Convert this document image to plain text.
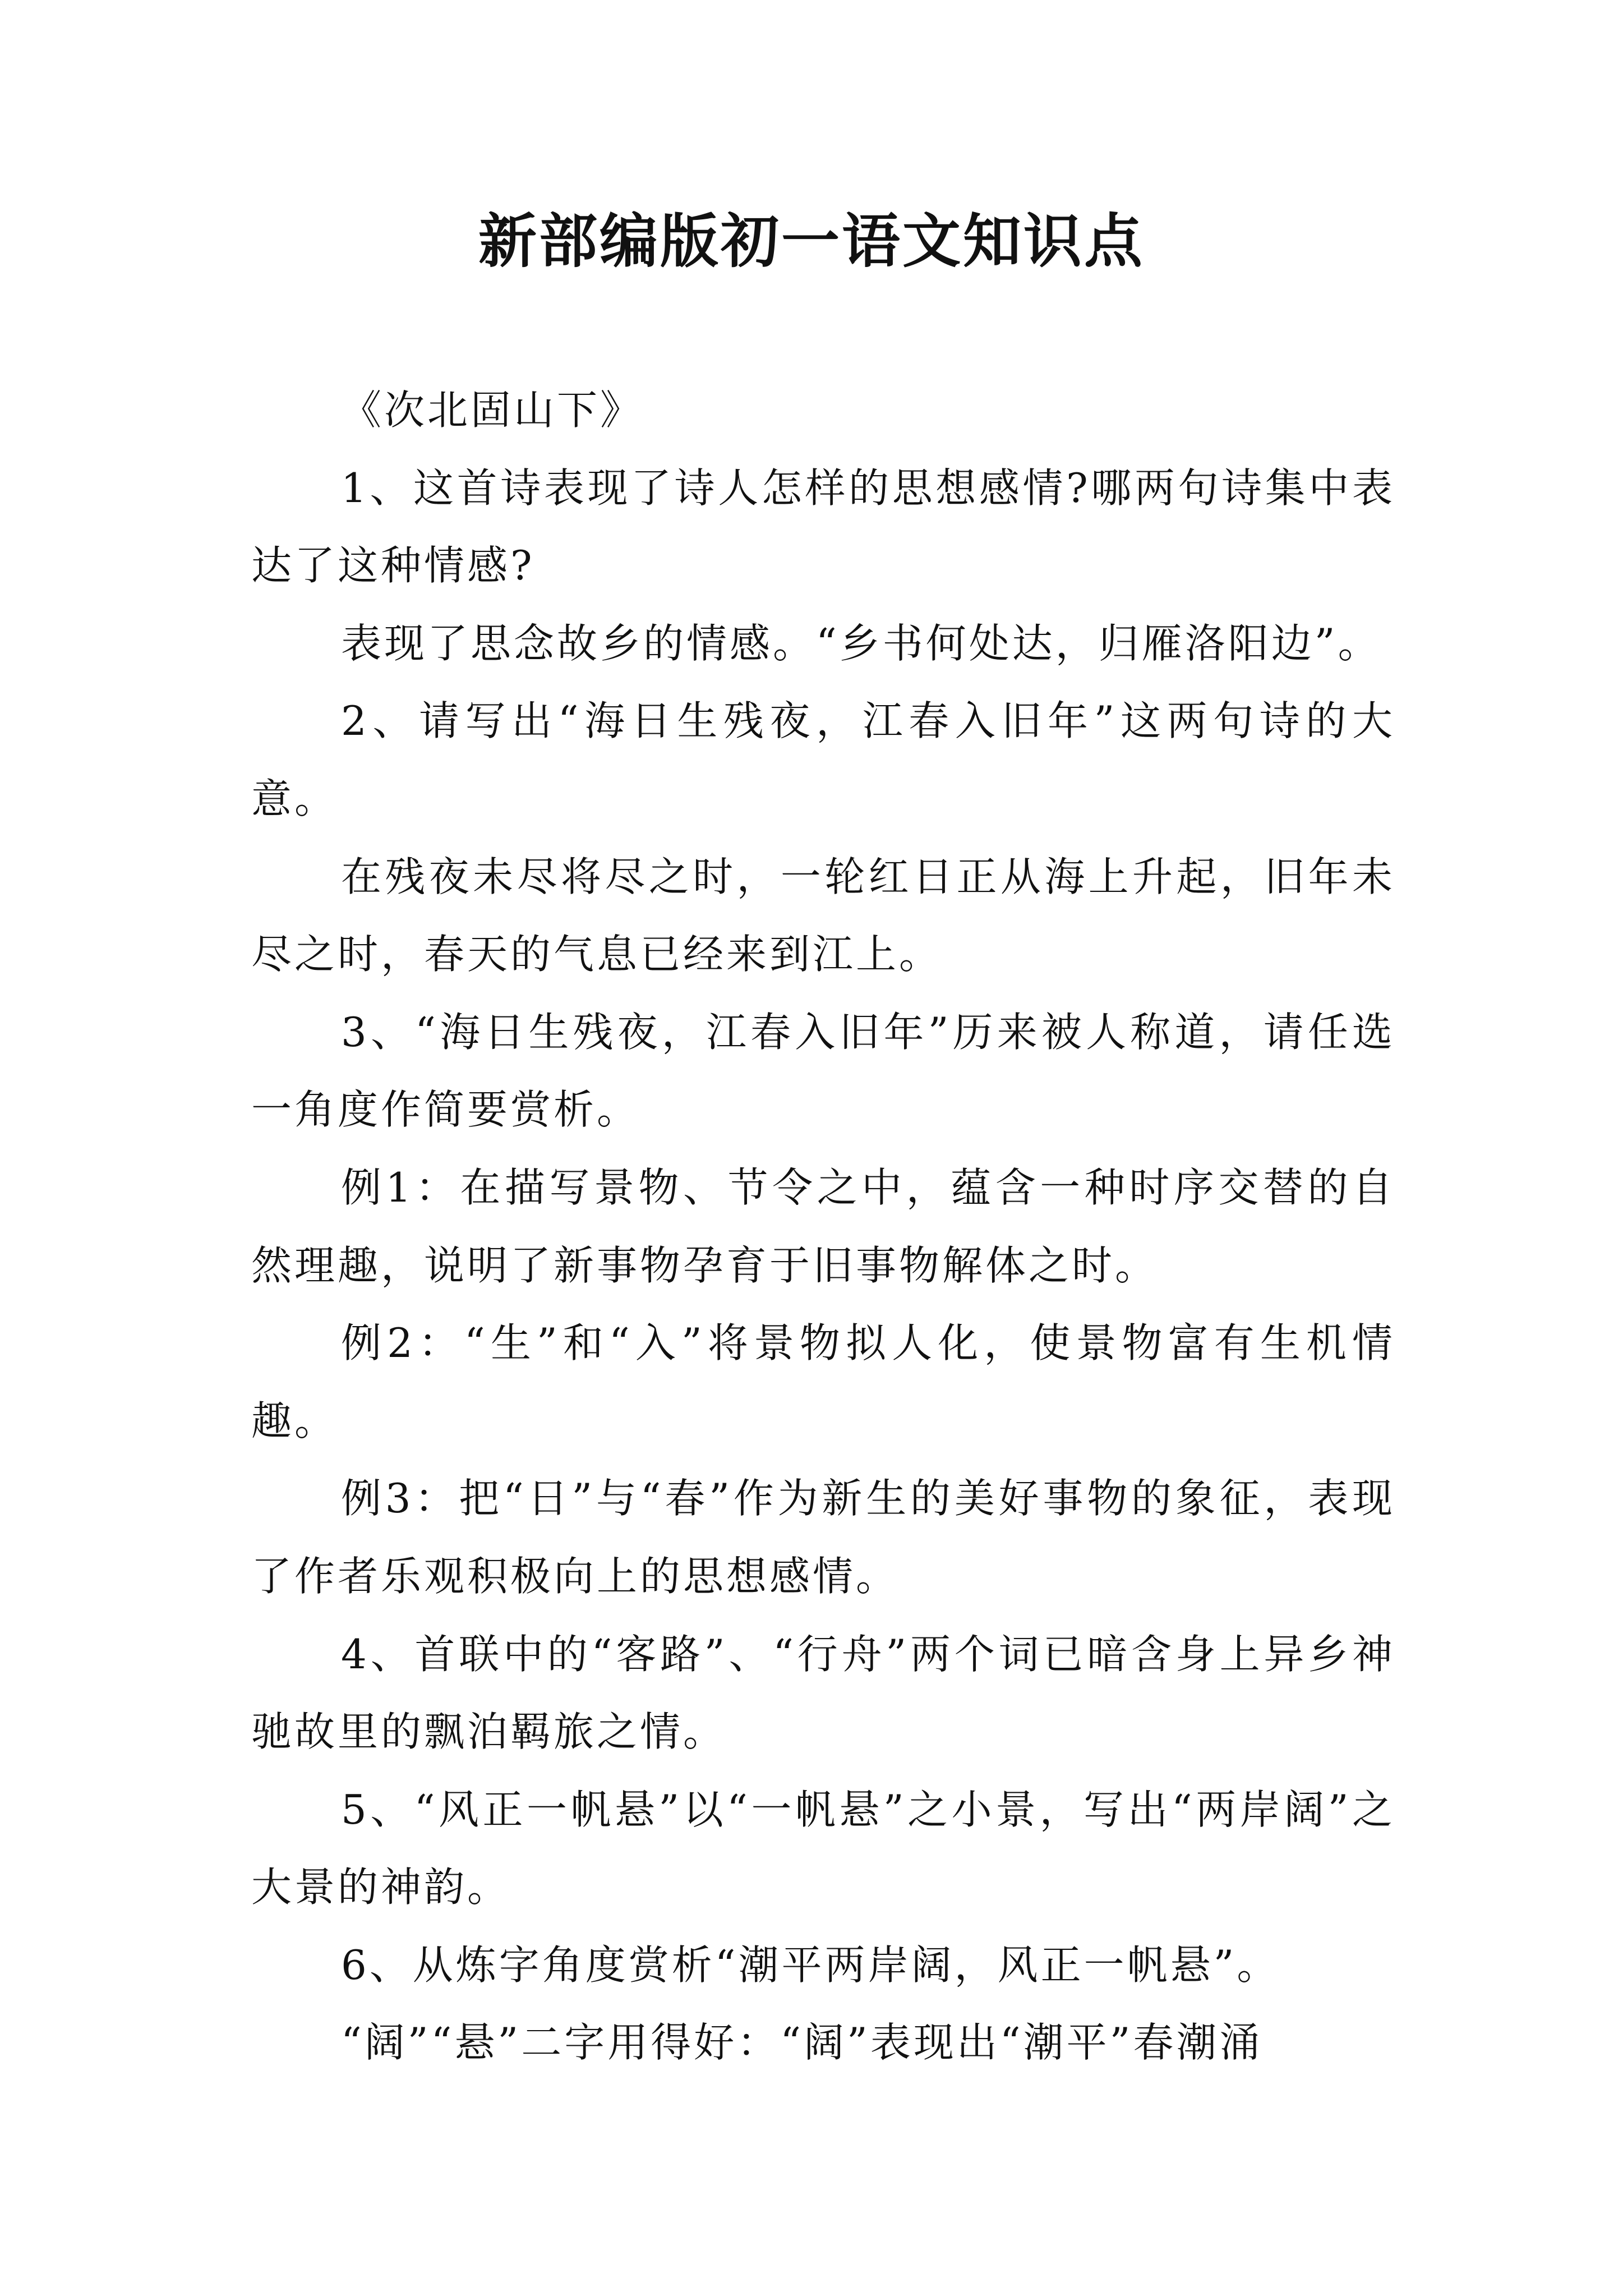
新部编版初一语文知识点

《次北固山下》

1、这首诗表现了诗人怎样的思想感情?哪两句诗集中表达了这种情感?

表现了思念故乡的情感。“乡书何处达，归雁洛阳边”。

2、请写出“海日生残夜，江春入旧年”这两句诗的大意。

在残夜未尽将尽之时，一轮红日正从海上升起，旧年未尽之时，春天的气息已经来到江上。

3、“海日生残夜，江春入旧年”历来被人称道，请任选一角度作简要赏析。

例1：在描写景物、节令之中，蕴含一种时序交替的自然理趣，说明了新事物孕育于旧事物解体之时。

例2：“生”和“入”将景物拟人化，使景物富有生机情趣。

例3：把“日”与“春”作为新生的美好事物的象征，表现了作者乐观积极向上的思想感情。

4、首联中的“客路”、“行舟”两个词已暗含身上异乡神驰故里的飘泊羁旅之情。

5、“风正一帆悬”以“一帆悬”之小景，写出“两岸阔”之大景的神韵。

6、从炼字角度赏析“潮平两岸阔，风正一帆悬”。

“阔”“悬”二字用得好：“阔”表现出“潮平”春潮涌
